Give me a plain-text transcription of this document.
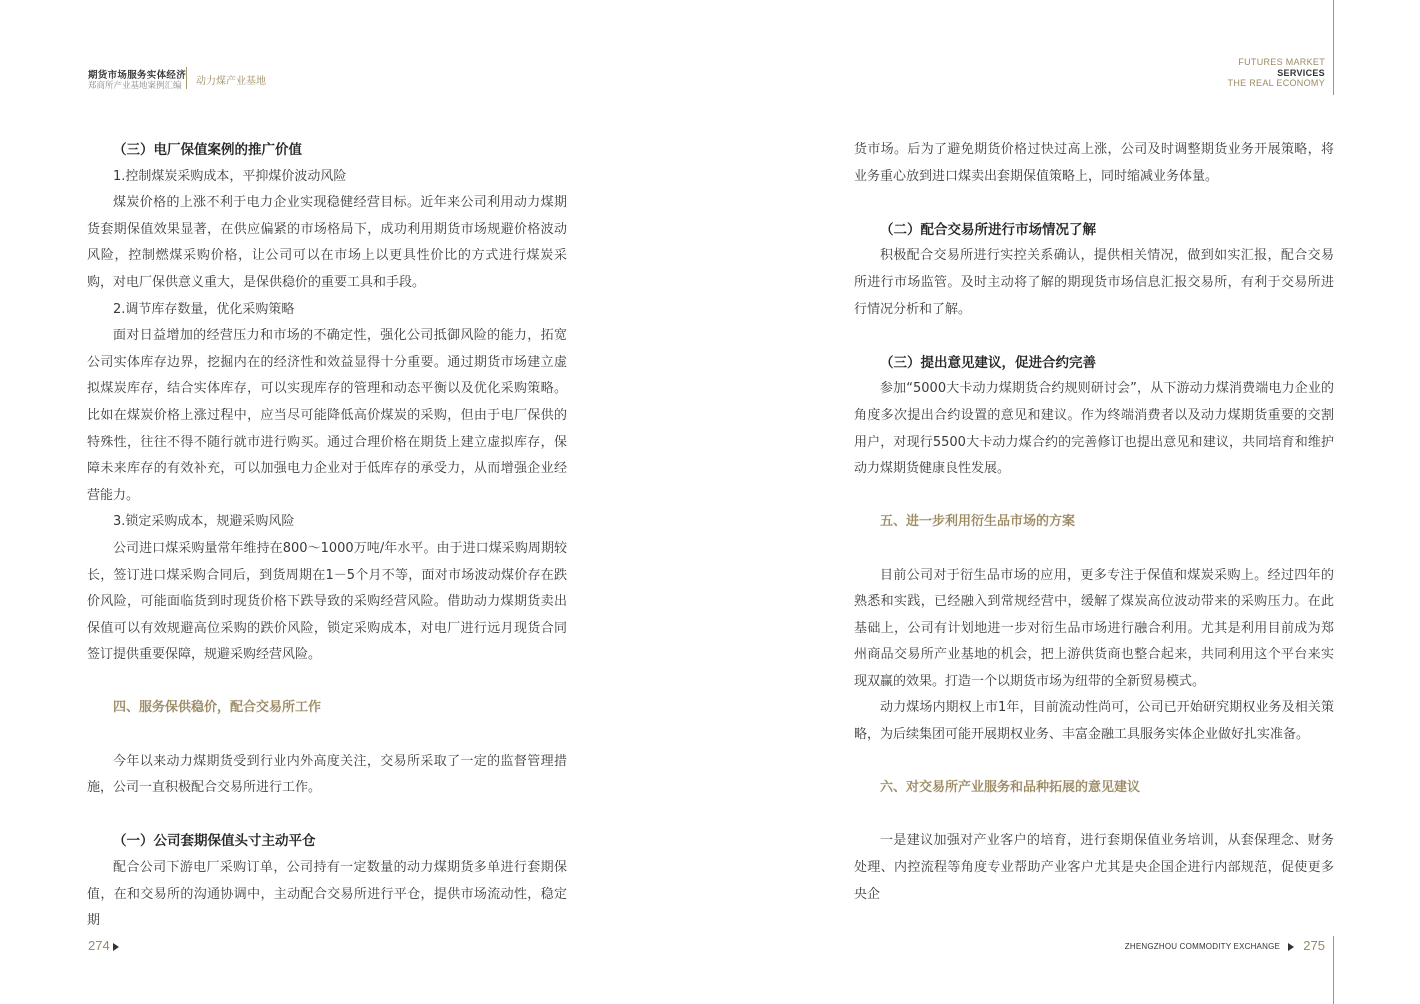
期货市场服务实体经济
郑商所产业基地案例汇编 动力煤产业基地
FUTURES MARKET
SERVICES
THE REAL ECONOMY

（三）电厂保值案例的推广价值

1.控制煤炭采购成本，平抑煤价波动风险

煤炭价格的上涨不利于电力企业实现稳健经营目标。近年来公司利用动力煤期货套期保值效果显著，在供应偏紧的市场格局下，成功利用期货市场规避价格波动风险，控制燃煤采购价格，让公司可以在市场上以更具性价比的方式进行煤炭采购，对电厂保供意义重大，是保供稳价的重要工具和手段。

2.调节库存数量，优化采购策略

面对日益增加的经营压力和市场的不确定性，强化公司抵御风险的能力，拓宽公司实体库存边界，挖掘内在的经济性和效益显得十分重要。通过期货市场建立虚拟煤炭库存，结合实体库存，可以实现库存的管理和动态平衡以及优化采购策略。比如在煤炭价格上涨过程中，应当尽可能降低高价煤炭的采购，但由于电厂保供的特殊性，往往不得不随行就市进行购买。通过合理价格在期货上建立虚拟库存，保障未来库存的有效补充，可以加强电力企业对于低库存的承受力，从而增强企业经营能力。

3.锁定采购成本，规避采购风险

公司进口煤采购量常年维持在800～1000万吨/年水平。由于进口煤采购周期较长，签订进口煤采购合同后，到货周期在1－5个月不等，面对市场波动煤价存在跌价风险，可能面临货到时现货价格下跌导致的采购经营风险。借助动力煤期货卖出保值可以有效规避高位采购的跌价风险，锁定采购成本，对电厂进行远月现货合同签订提供重要保障，规避采购经营风险。

四、服务保供稳价，配合交易所工作

今年以来动力煤期货受到行业内外高度关注，交易所采取了一定的监督管理措施，公司一直积极配合交易所进行工作。

（一）公司套期保值头寸主动平仓

配合公司下游电厂采购订单，公司持有一定数量的动力煤期货多单进行套期保值，在和交易所的沟通协调中，主动配合交易所进行平仓，提供市场流动性，稳定期

货市场。后为了避免期货价格过快过高上涨，公司及时调整期货业务开展策略，将业务重心放到进口煤卖出套期保值策略上，同时缩减业务体量。

（二）配合交易所进行市场情况了解

积极配合交易所进行实控关系确认，提供相关情况，做到如实汇报，配合交易所进行市场监管。及时主动将了解的期现货市场信息汇报交易所，有利于交易所进行情况分析和了解。

（三）提出意见建议，促进合约完善

参加“5000大卡动力煤期货合约规则研讨会”，从下游动力煤消费端电力企业的角度多次提出合约设置的意见和建议。作为终端消费者以及动力煤期货重要的交割用户，对现行5500大卡动力煤合约的完善修订也提出意见和建议，共同培育和维护动力煤期货健康良性发展。

五、进一步利用衍生品市场的方案

目前公司对于衍生品市场的应用，更多专注于保值和煤炭采购上。经过四年的熟悉和实践，已经融入到常规经营中，缓解了煤炭高位波动带来的采购压力。在此基础上，公司有计划地进一步对衍生品市场进行融合利用。尤其是利用目前成为郑州商品交易所产业基地的机会，把上游供货商也整合起来，共同利用这个平台来实现双赢的效果。打造一个以期货市场为纽带的全新贸易模式。

动力煤场内期权上市1年，目前流动性尚可，公司已开始研究期权业务及相关策略，为后续集团可能开展期权业务、丰富金融工具服务实体企业做好扎实准备。

六、对交易所产业服务和品种拓展的意见建议

一是建议加强对产业客户的培育，进行套期保值业务培训，从套保理念、财务处理、内控流程等角度专业帮助产业客户尤其是央企国企进行内部规范，促使更多央企

274	ZHENGZHOU COMMODITY EXCHANGE 275
